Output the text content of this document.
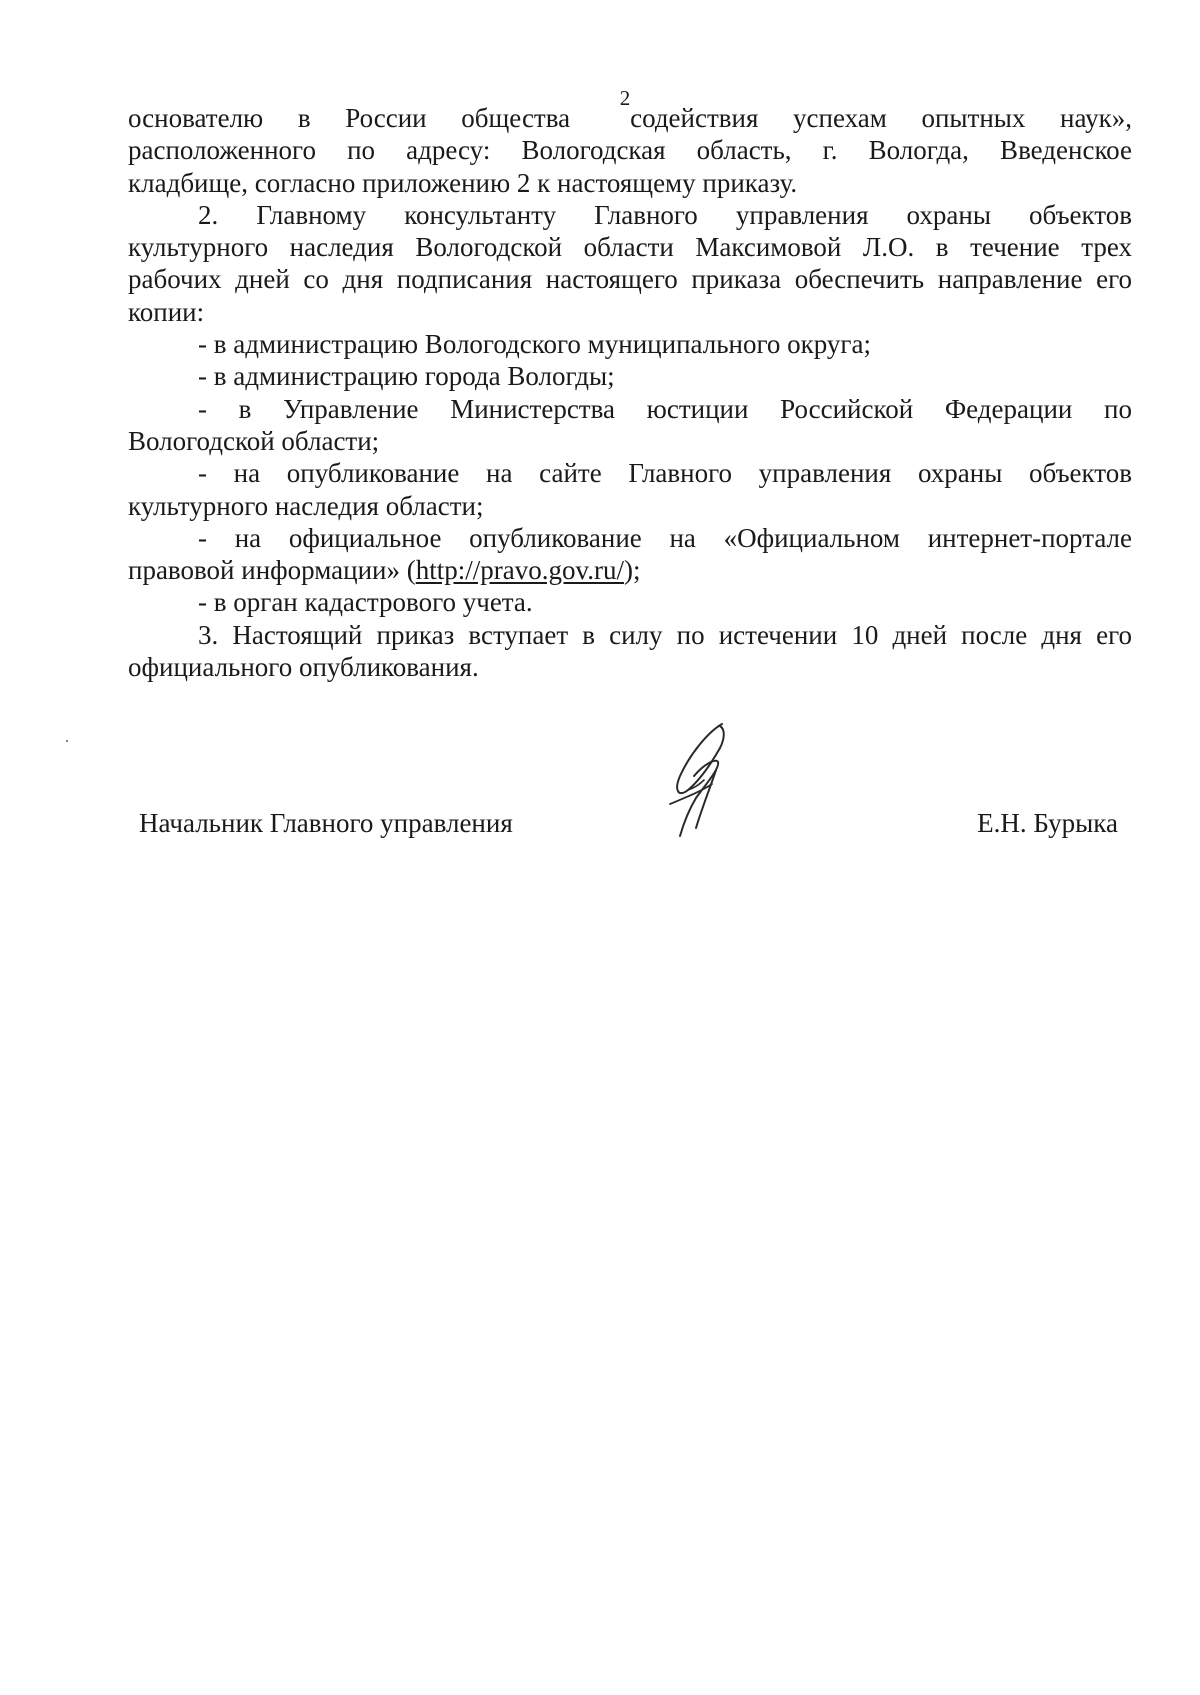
2
основателю в России общества содействия успехам опытных наук»,
расположенного по адресу: Вологодская область, г. Вологда, Введенское
кладбище, согласно приложению 2 к настоящему приказу.
2. Главному консультанту Главного управления охраны объектов
культурного наследия Вологодской области Максимовой Л.О. в течение трех
рабочих дней со дня подписания настоящего приказа обеспечить направление его
копии:
- в администрацию Вологодского муниципального округа;
- в администрацию города Вологды;
- в Управление Министерства юстиции Российской Федерации по
Вологодской области;
- на опубликование на сайте Главного управления охраны объектов
культурного наследия области;
- на официальное опубликование на «Официальном интернет-портале
правовой информации» (http://pravo.gov.ru/);
- в орган кадастрового учета.
3. Настоящий приказ вступает в силу по истечении 10 дней после дня его
официального опубликования.
Начальник Главного управления	Е.Н. Бурыка
